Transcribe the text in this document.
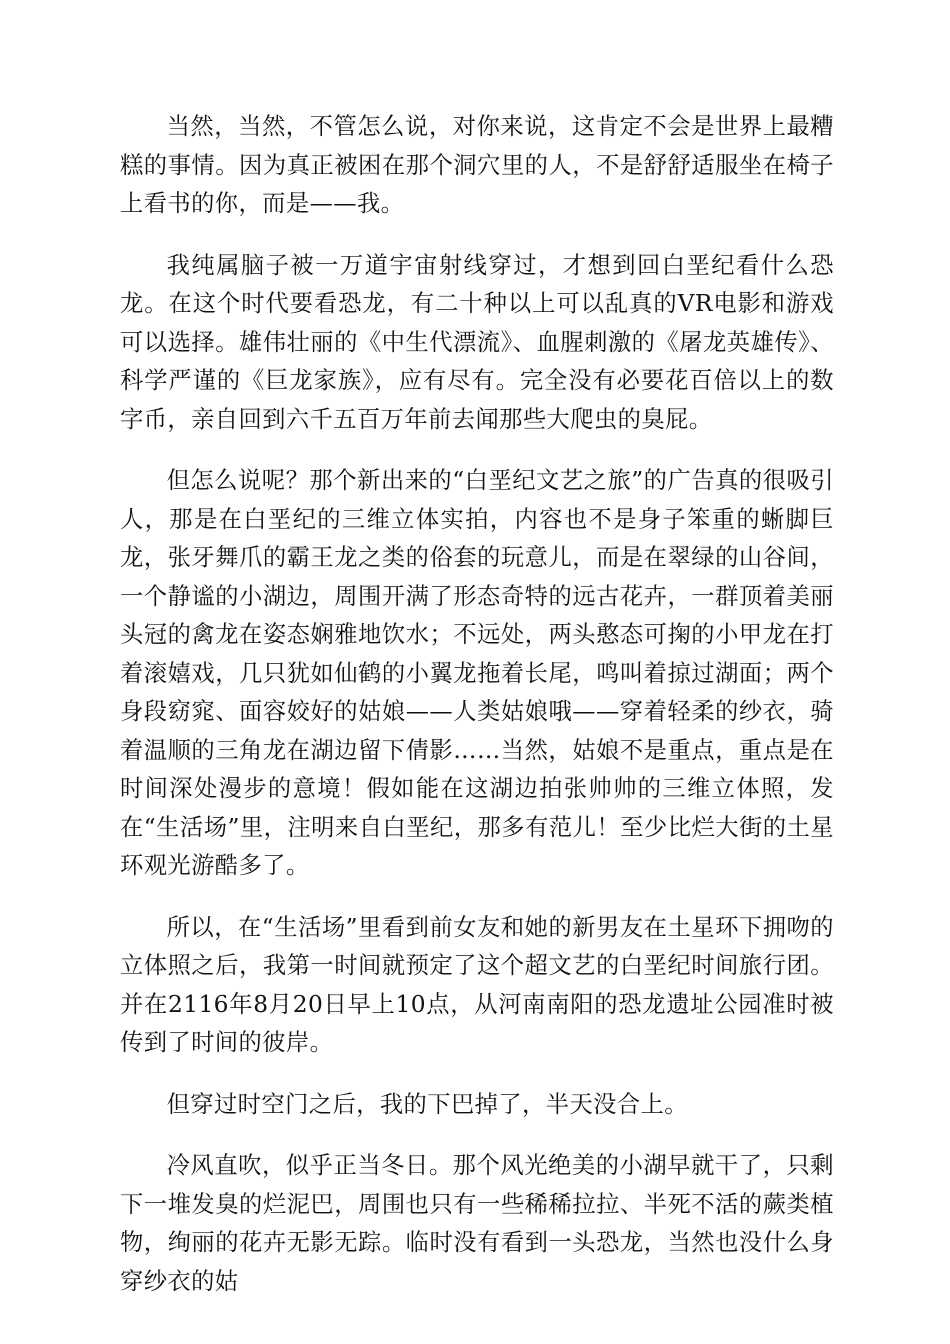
当然，当然，不管怎么说，对你来说，这肯定不会是世界上最糟糕的事情。因为真正被困在那个洞穴里的人，不是舒舒适服坐在椅子上看书的你，而是——我。

我纯属脑子被一万道宇宙射线穿过，才想到回白垩纪看什么恐龙。在这个时代要看恐龙，有二十种以上可以乱真的VR电影和游戏可以选择。雄伟壮丽的《中生代漂流》、血腥刺激的《屠龙英雄传》、科学严谨的《巨龙家族》，应有尽有。完全没有必要花百倍以上的数字币，亲自回到六千五百万年前去闻那些大爬虫的臭屁。

但怎么说呢？那个新出来的“白垩纪文艺之旅”的广告真的很吸引人，那是在白垩纪的三维立体实拍，内容也不是身子笨重的蜥脚巨龙，张牙舞爪的霸王龙之类的俗套的玩意儿，而是在翠绿的山谷间，一个静谧的小湖边，周围开满了形态奇特的远古花卉，一群顶着美丽头冠的禽龙在姿态娴雅地饮水；不远处，两头憨态可掬的小甲龙在打着滚嬉戏，几只犹如仙鹤的小翼龙拖着长尾，鸣叫着掠过湖面；两个身段窈窕、面容姣好的姑娘——人类姑娘哦——穿着轻柔的纱衣，骑着温顺的三角龙在湖边留下倩影……当然，姑娘不是重点，重点是在时间深处漫步的意境！假如能在这湖边拍张帅帅的三维立体照，发在“生活场”里，注明来自白垩纪，那多有范儿！至少比烂大街的土星环观光游酷多了。

所以，在“生活场”里看到前女友和她的新男友在土星环下拥吻的立体照之后，我第一时间就预定了这个超文艺的白垩纪时间旅行团。并在2116年8月20日早上10点，从河南南阳的恐龙遗址公园准时被传到了时间的彼岸。

但穿过时空门之后，我的下巴掉了，半天没合上。

冷风直吹，似乎正当冬日。那个风光绝美的小湖早就干了，只剩下一堆发臭的烂泥巴，周围也只有一些稀稀拉拉、半死不活的蕨类植物，绚丽的花卉无影无踪。临时没有看到一头恐龙，当然也没什么身穿纱衣的姑
